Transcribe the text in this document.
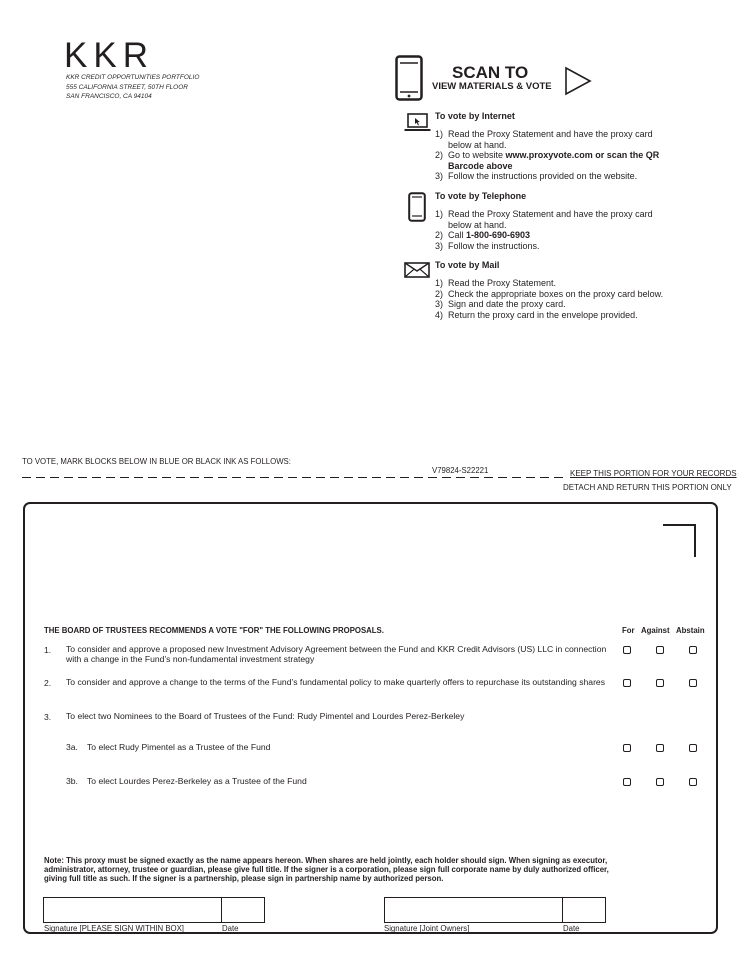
KKR
KKR CREDIT OPPORTUNITIES PORTFOLIO
555 CALIFORNIA STREET, 50TH FLOOR
SAN FRANCISCO, CA 94104
SCAN TO
VIEW MATERIALS & VOTE
To vote by Internet
1) Read the Proxy Statement and have the proxy card below at hand.
2) Go to website www.proxyvote.com or scan the QR Barcode above
3) Follow the instructions provided on the website.
To vote by Telephone
1) Read the Proxy Statement and have the proxy card below at hand.
2) Call 1-800-690-6903
3) Follow the instructions.
To vote by Mail
1) Read the Proxy Statement.
2) Check the appropriate boxes on the proxy card below.
3) Sign and date the proxy card.
4) Return the proxy card in the envelope provided.
TO VOTE, MARK BLOCKS BELOW IN BLUE OR BLACK INK AS FOLLOWS:
V79824-S22221	KEEP THIS PORTION FOR YOUR RECORDS
DETACH AND RETURN THIS PORTION ONLY
THE BOARD OF TRUSTEES RECOMMENDS A VOTE "FOR" THE FOLLOWING PROPOSALS.	For Against Abstain
1. To consider and approve a proposed new Investment Advisory Agreement between the Fund and KKR Credit Advisors (US) LLC in connection with a change in the Fund’s non-fundamental investment strategy
2. To consider and approve a change to the terms of the Fund’s fundamental policy to make quarterly offers to repurchase its outstanding shares
3. To elect two Nominees to the Board of Trustees of the Fund: Rudy Pimentel and Lourdes Perez-Berkeley
3a. To elect Rudy Pimentel as a Trustee of the Fund
3b. To elect Lourdes Perez-Berkeley as a Trustee of the Fund
Note: This proxy must be signed exactly as the name appears hereon. When shares are held jointly, each holder should sign. When signing as executor, administrator, attorney, trustee or guardian, please give full title. If the signer is a corporation, please sign full corporate name by duly authorized officer, giving full title as such. If the signer is a partnership, please sign in partnership name by authorized person.
Signature [PLEASE SIGN WITHIN BOX]	Date	Signature [Joint Owners]	Date
